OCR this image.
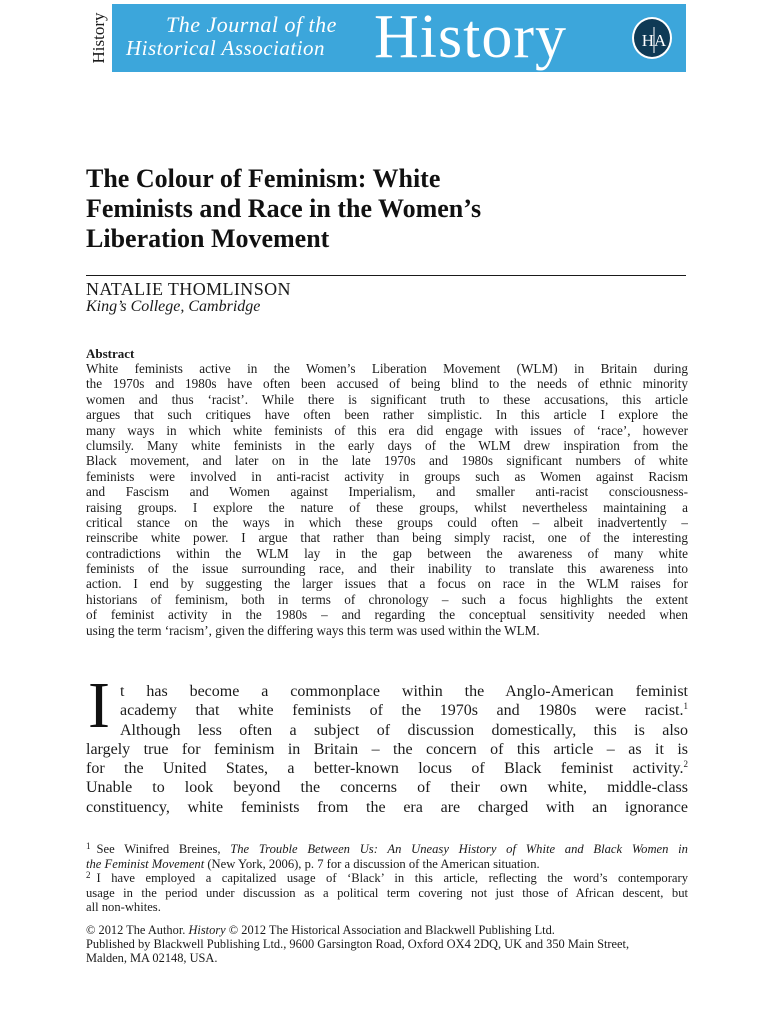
History	The Journal of the
Historical Association History	HA
The Colour of Feminism: White
Feminists and Race in the Women’s
Liberation Movement
NATALIE THOMLINSON
King’s College, Cambridge
Abstract
White feminists active in the Women’s Liberation Movement (WLM) in Britain during
the 1970s and 1980s have often been accused of being blind to the needs of ethnic minority
women and thus ‘racist’. While there is significant truth to these accusations, this article
argues that such critiques have often been rather simplistic. In this article I explore the
many ways in which white feminists of this era did engage with issues of ‘race’, however
clumsily. Many white feminists in the early days of the WLM drew inspiration from the
Black movement, and later on in the late 1970s and 1980s significant numbers of white
feminists were involved in anti-racist activity in groups such as Women against Racism
and Fascism and Women against Imperialism, and smaller anti-racist consciousness-
raising groups. I explore the nature of these groups, whilst nevertheless maintaining a
critical stance on the ways in which these groups could often – albeit inadvertently –
reinscribe white power. I argue that rather than being simply racist, one of the interesting
contradictions within the WLM lay in the gap between the awareness of many white
feminists of the issue surrounding race, and their inability to translate this awareness into
action. I end by suggesting the larger issues that a focus on race in the WLM raises for
historians of feminism, both in terms of chronology – such a focus highlights the extent
of feminist activity in the 1980s – and regarding the conceptual sensitivity needed when
using the term ‘racism’, given the differing ways this term was used within the WLM.
I t has become a commonplace within the Anglo-American feminist
academy that white feminists of the 1970s and 1980s were racist.$^1$
Although less often a subject of discussion domestically, this is also
largely true for feminism in Britain – the concern of this article – as it is
for the United States, a better-known locus of Black feminist activity.$^2$
Unable to look beyond the concerns of their own white, middle-class
constituency, white feminists from the era are charged with an ignorance
$^1$ See Winifred Breines, The Trouble Between Us: An Uneasy History of White and Black Women in
the Feminist Movement (New York, 2006), p. 7 for a discussion of the American situation.
$^2$ I have employed a capitalized usage of ‘Black’ in this article, reflecting the word’s contemporary
usage in the period under discussion as a political term covering not just those of African descent, but
all non-whites.
© 2012 The Author. History © 2012 The Historical Association and Blackwell Publishing Ltd.
Published by Blackwell Publishing Ltd., 9600 Garsington Road, Oxford OX4 2DQ, UK and 350 Main Street,
Malden, MA 02148, USA.
